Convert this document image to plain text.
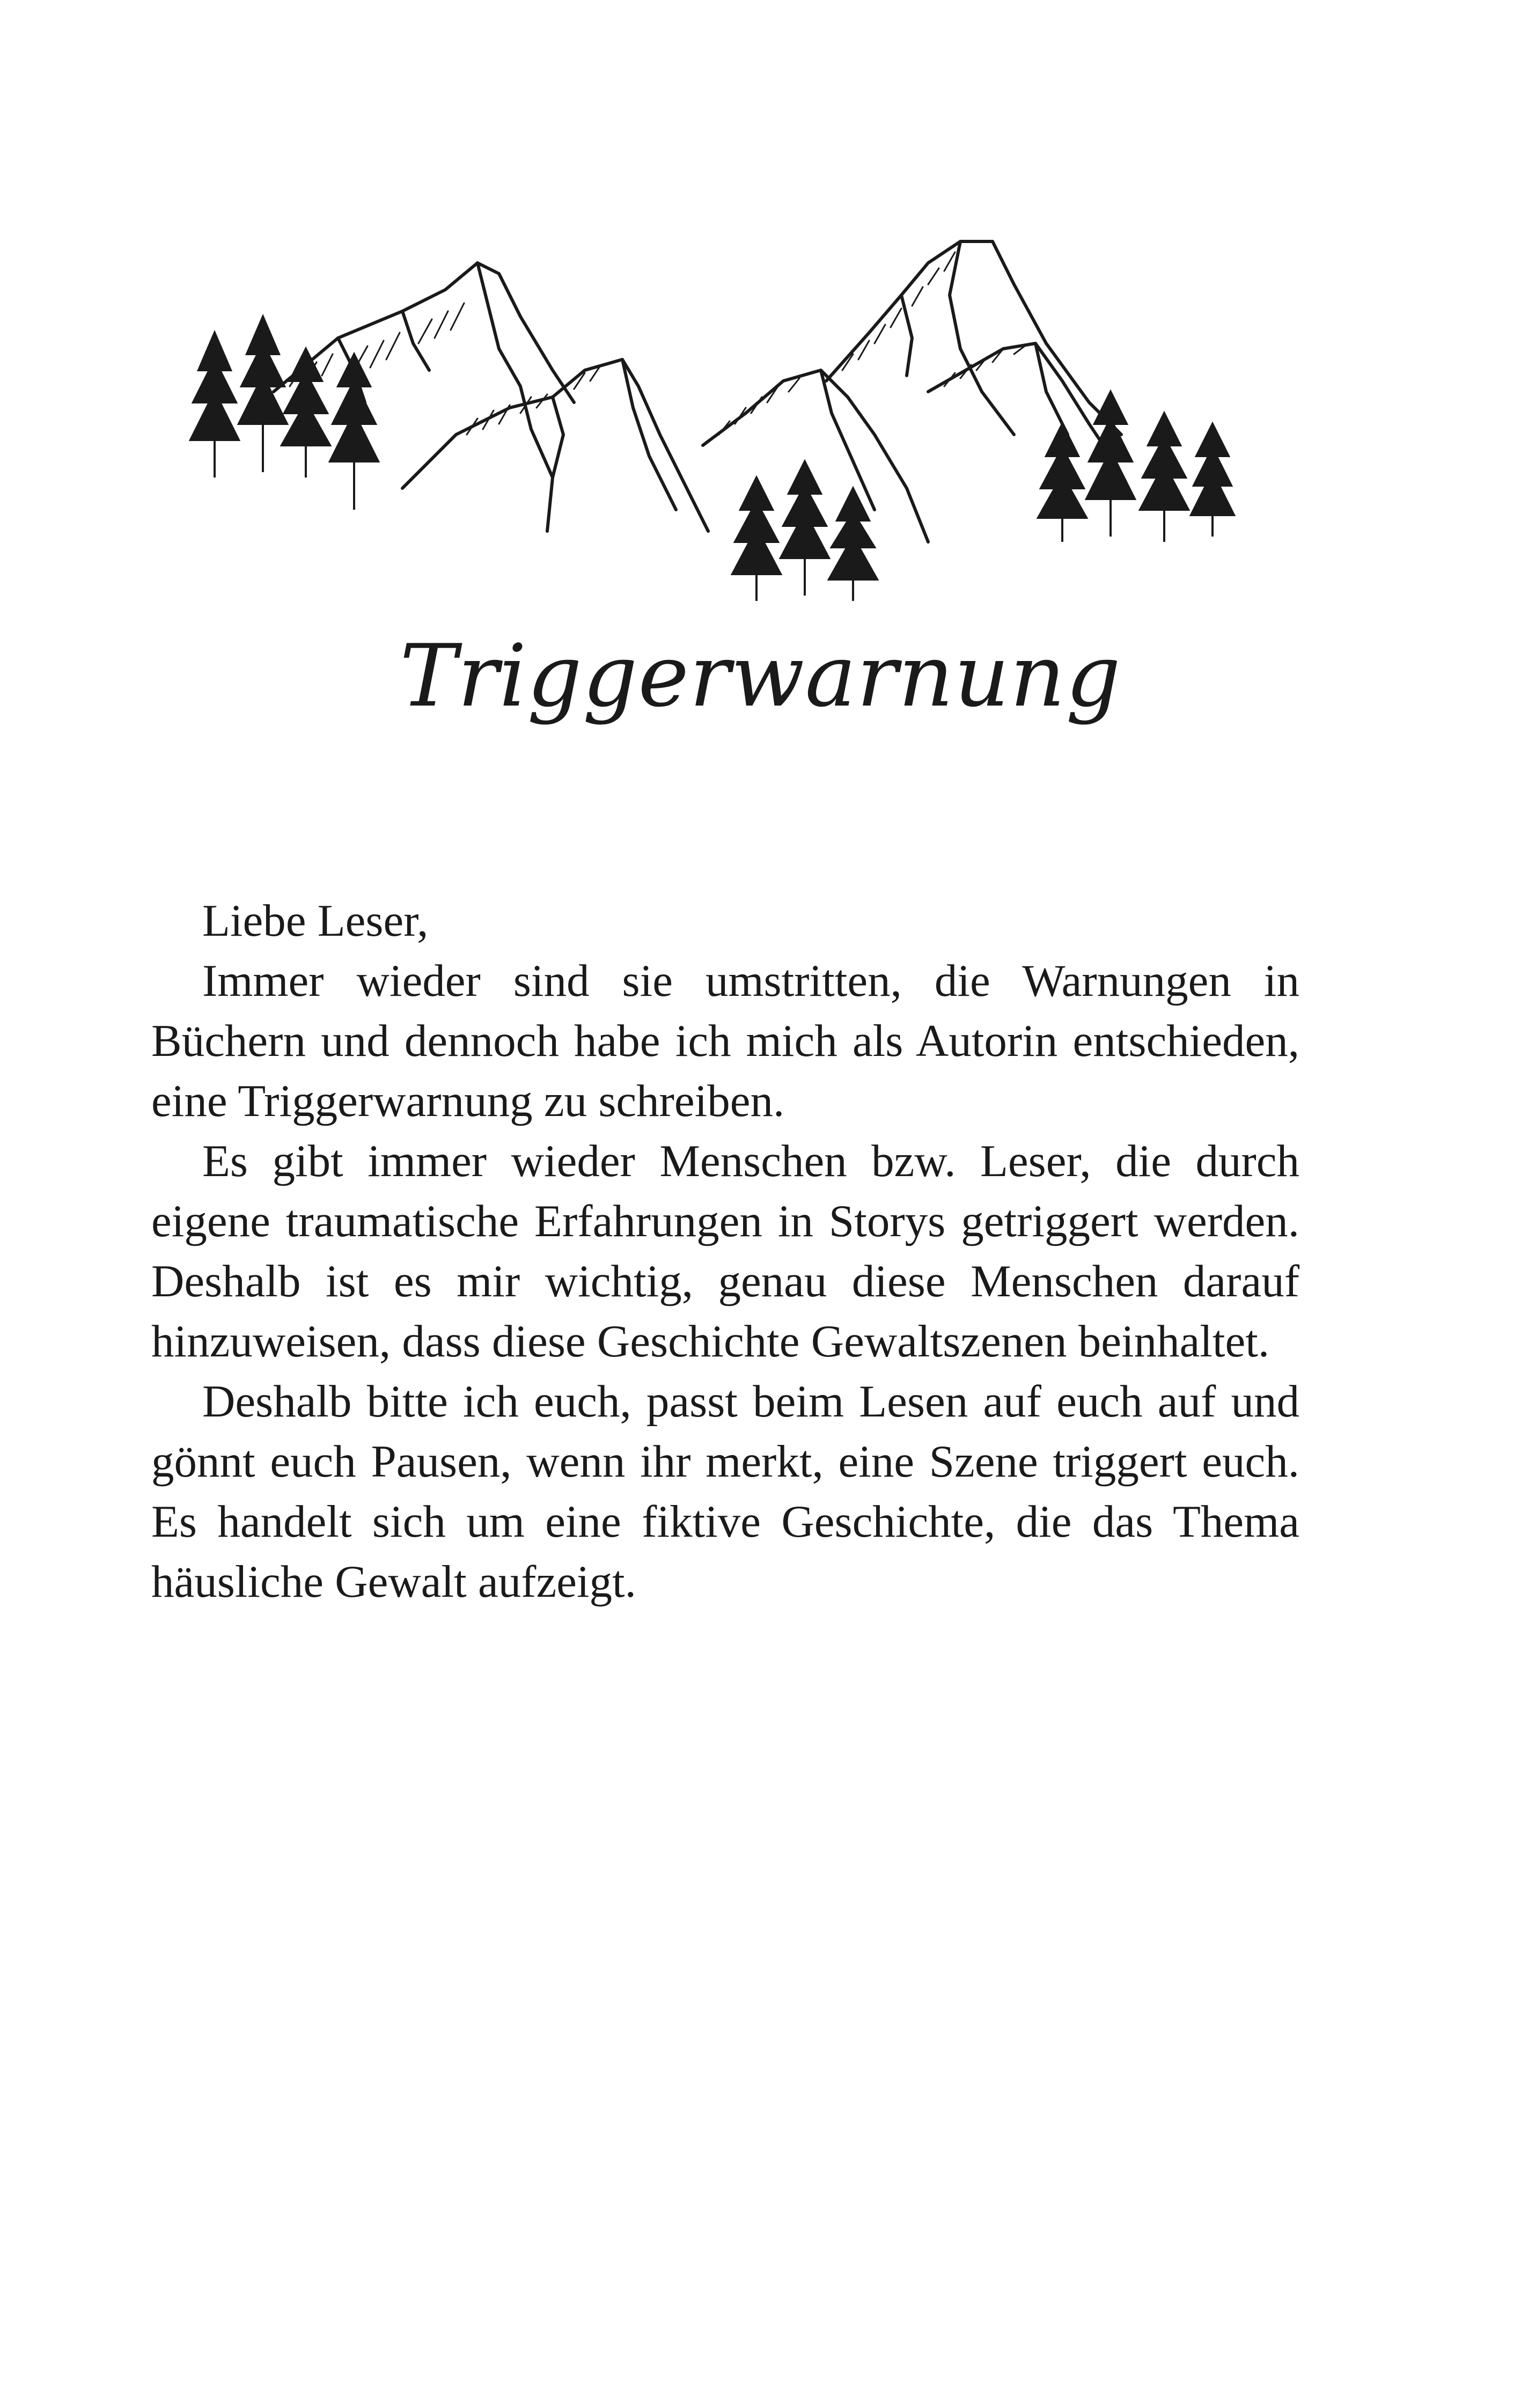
Triggerwarnung

Liebe Leser,

Immer wieder sind sie umstritten, die Warnungen in Büchern und dennoch habe ich mich als Autorin entschieden, eine Triggerwarnung zu schreiben.

Es gibt immer wieder Menschen bzw. Leser, die durch eigene traumatische Erfahrungen in Storys getriggert werden. Deshalb ist es mir wichtig, genau diese Menschen darauf hinzuweisen, dass diese Geschichte Gewaltszenen beinhaltet.

Deshalb bitte ich euch, passt beim Lesen auf euch auf und gönnt euch Pausen, wenn ihr merkt, eine Szene triggert euch. Es handelt sich um eine fiktive Geschichte, die das Thema häusliche Gewalt aufzeigt.
